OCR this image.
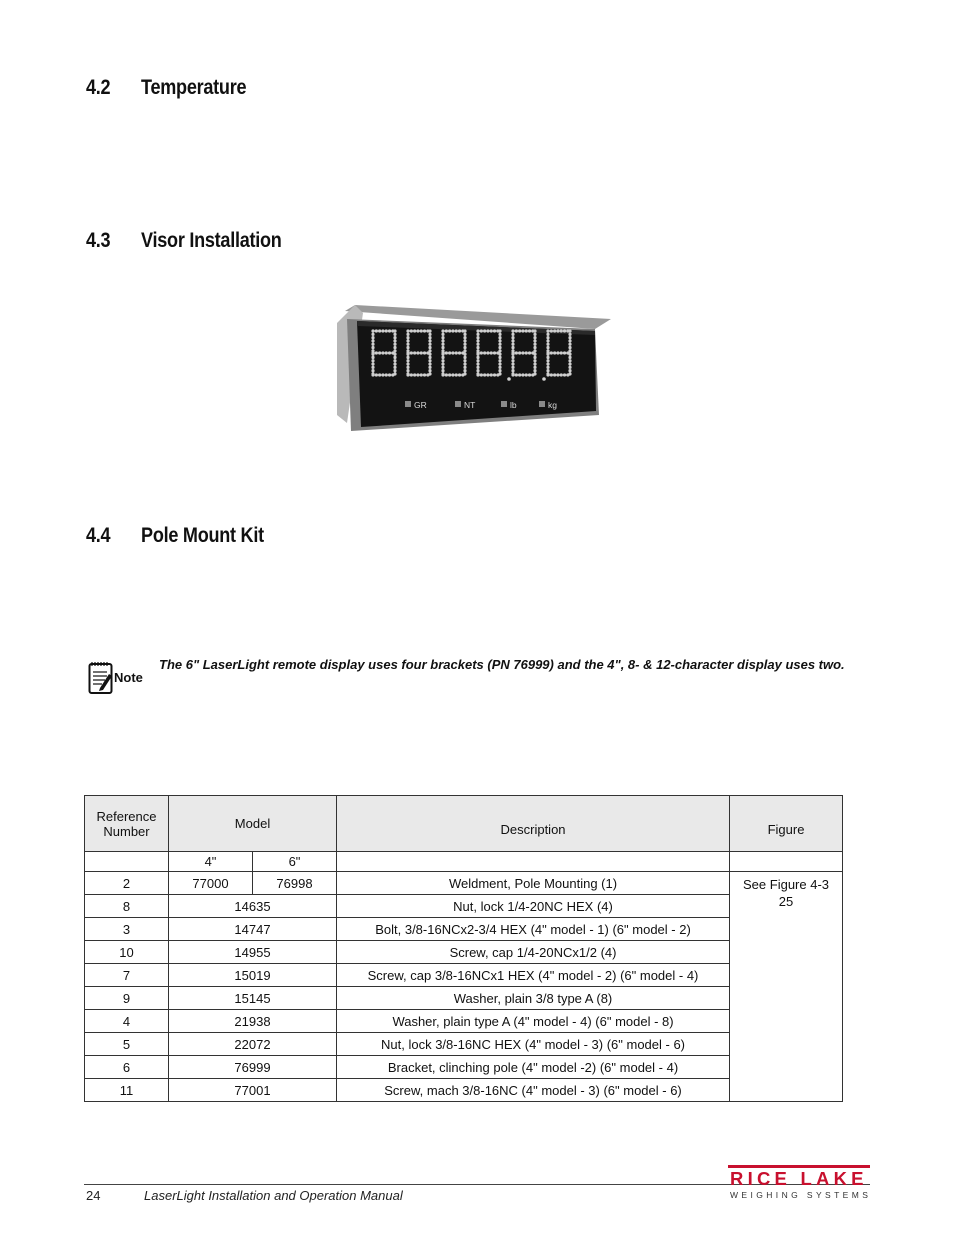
4.2 Temperature
4.3 Visor Installation
4.4 Pole Mount Kit
GR	NT	lb	kg
Note
The 6" LaserLight remote display uses four brackets (PN 76999) and the 4", 8- & 12-character display uses two.
Reference
Number	Model		Description	Figure
	4"	6"		
2	77000	76998	Weldment, Pole Mounting (1)	See Figure 4-3
25
8	14635		Nut, lock 1/4-20NC HEX (4)	
3	14747		Bolt, 3/8-16NCx2-3/4 HEX (4" model - 1) (6" model - 2)	
10	14955		Screw, cap 1/4-20NCx1/2 (4)	
7	15019		Screw, cap 3/8-16NCx1 HEX (4" model - 2) (6" model - 4)	
9	15145		Washer, plain 3/8 type A (8)	
4	21938		Washer, plain type A (4" model - 4) (6" model - 8)	
5	22072		Nut, lock 3/8-16NC HEX (4" model - 3) (6" model - 6)	
6	76999		Bracket, clinching pole (4" model -2) (6" model - 4)	
11	77001		Screw, mach 3/8-16NC (4" model - 3) (6" model - 6)	
24	LaserLight Installation and Operation Manual
RICE LAKE
WEIGHING SYSTEMS
